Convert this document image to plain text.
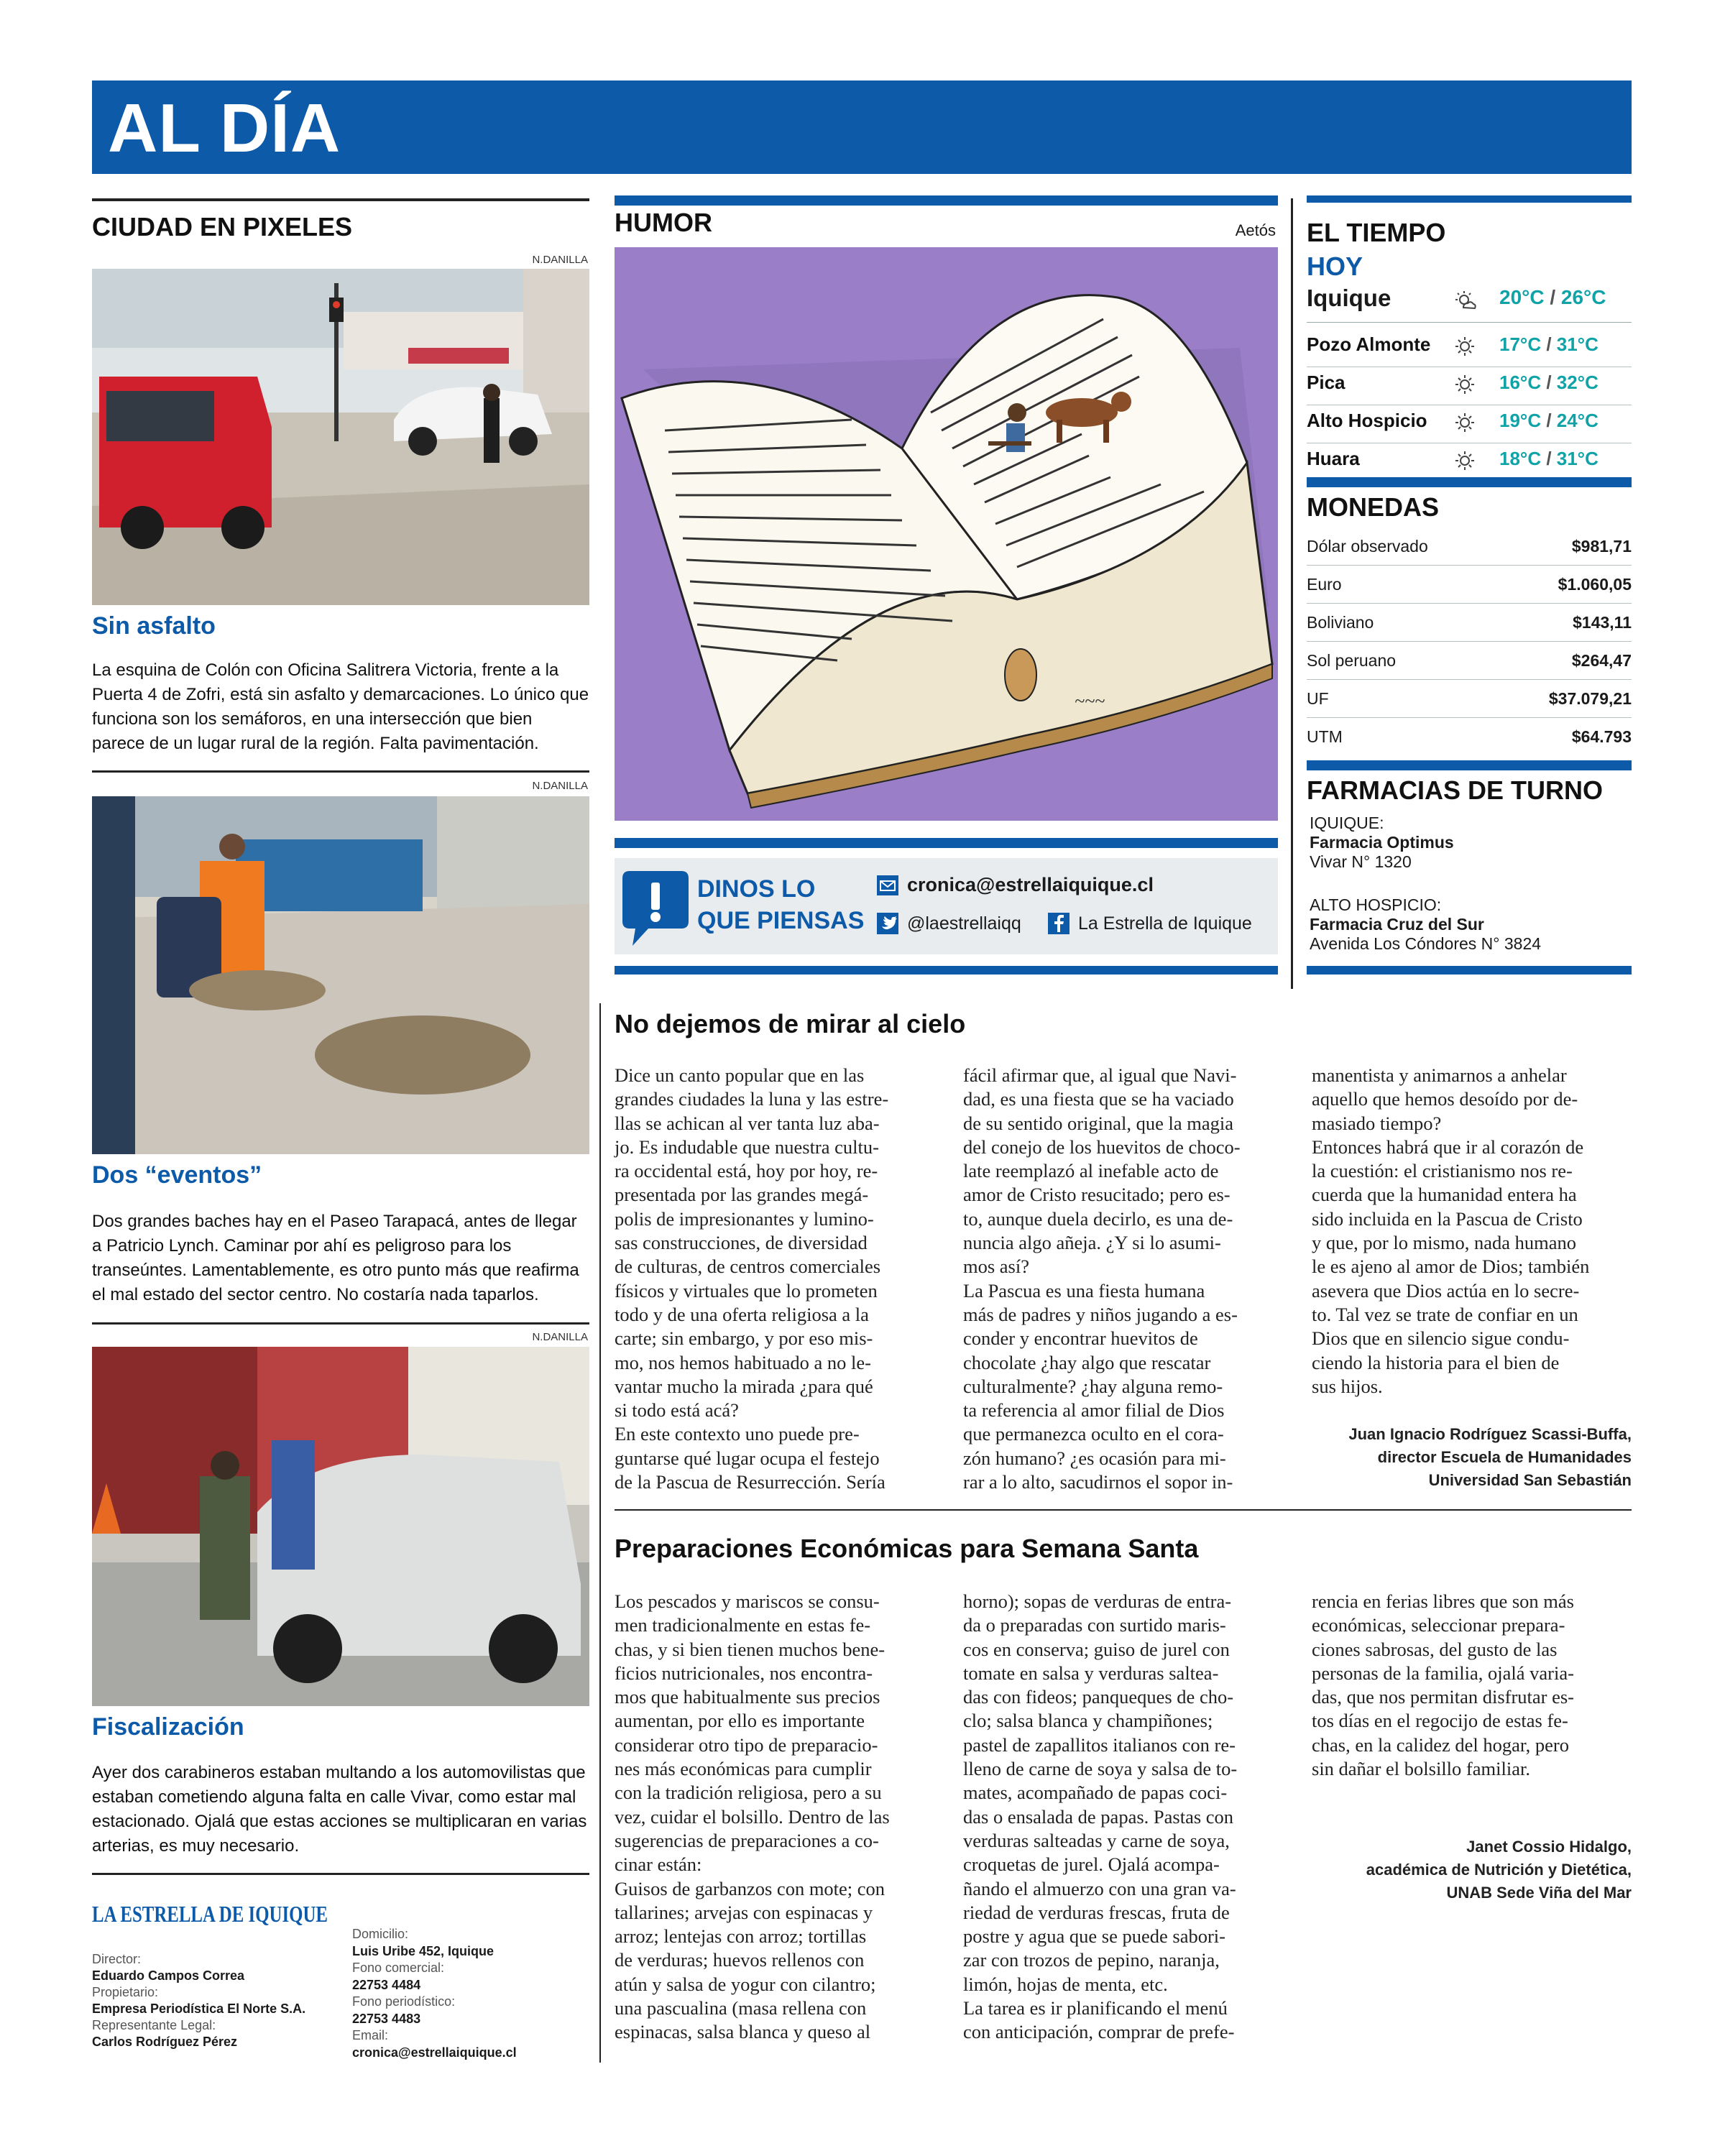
AL DÍA
CIUDAD EN PIXELES
N.DANILLA
Sin asfalto
La esquina de Colón con Oficina Salitrera Victoria, frente a la Puerta 4 de Zofri, está sin asfalto y demarcaciones. Lo único que funciona son los semáforos, en una intersección que bien parece de un lugar rural de la región. Falta pavimentación.
N.DANILLA
Dos “eventos”
Dos grandes baches hay en el Paseo Tarapacá, antes de llegar a Patricio Lynch. Caminar por ahí es peligroso para los transeúntes. Lamentablemente, es otro punto más que reafirma el mal estado del sector centro. No costaría nada taparlos.
N.DANILLA
Fiscalización
Ayer dos carabineros estaban multando a los automovilistas que estaban cometiendo alguna falta en calle Vivar, como estar mal estacionado. Ojalá que estas acciones se multiplicaran en varias arterias, es muy necesario.
LA ESTRELLA DE IQUIQUE
Director:
Eduardo Campos Correa
Propietario:
Empresa Periodística El Norte S.A.
Representante Legal:
Carlos Rodríguez Pérez
Domicilio:
Luis Uribe 452, Iquique
Fono comercial:
22753 4484
Fono periodístico:
22753 4483
Email:
cronica@estrellaiquique.cl
HUMOR	Aetós
~~~
DINOS LO
QUE PIENSAS
cronica@estrellaiquique.cl
@laestrellaiqq	La Estrella de Iquique
EL TIEMPO
HOY
Iquique	20°C / 26°C
Pozo Almonte	17°C / 31°C
Pica	16°C / 32°C
Alto Hospicio	19°C / 24°C
Huara	18°C / 31°C
MONEDAS
Dólar observado	$981,71
Euro	$1.060,05
Boliviano	$143,11
Sol peruano	$264,47
UF	$37.079,21
UTM	$64.793
FARMACIAS DE TURNO
IQUIQUE:
Farmacia Optimus
Vivar N° 1320
ALTO HOSPICIO:
Farmacia Cruz del Sur
Avenida Los Cóndores N° 3824
No dejemos de mirar al cielo
Dice un canto popular que en las
grandes ciudades la luna y las estre-
llas se achican al ver tanta luz aba-
jo. Es indudable que nuestra cultu-
ra occidental está, hoy por hoy, re-
presentada por las grandes megá-
polis de impresionantes y lumino-
sas construcciones, de diversidad
de culturas, de centros comerciales
físicos y virtuales que lo prometen
todo y de una oferta religiosa a la
carte; sin embargo, y por eso mis-
mo, nos hemos habituado a no le-
vantar mucho la mirada ¿para qué
si todo está acá?
En este contexto uno puede pre-
guntarse qué lugar ocupa el festejo
de la Pascua de Resurrección. Sería
fácil afirmar que, al igual que Navi-
dad, es una fiesta que se ha vaciado
de su sentido original, que la magia
del conejo de los huevitos de choco-
late reemplazó al inefable acto de
amor de Cristo resucitado; pero es-
to, aunque duela decirlo, es una de-
nuncia algo añeja. ¿Y si lo asumi-
mos así?
La Pascua es una fiesta humana
más de padres y niños jugando a es-
conder y encontrar huevitos de
chocolate ¿hay algo que rescatar
culturalmente? ¿hay alguna remo-
ta referencia al amor filial de Dios
que permanezca oculto en el cora-
zón humano? ¿es ocasión para mi-
rar a lo alto, sacudirnos el sopor in-
manentista y animarnos a anhelar
aquello que hemos desoído por de-
masiado tiempo?
Entonces habrá que ir al corazón de
la cuestión: el cristianismo nos re-
cuerda que la humanidad entera ha
sido incluida en la Pascua de Cristo
y que, por lo mismo, nada humano
le es ajeno al amor de Dios; también
asevera que Dios actúa en lo secre-
to. Tal vez se trate de confiar en un
Dios que en silencio sigue condu-
ciendo la historia para el bien de
sus hijos.
Juan Ignacio Rodríguez Scassi-Buffa,
director Escuela de Humanidades
Universidad San Sebastián
Preparaciones Económicas para Semana Santa
Los pescados y mariscos se consu-
men tradicionalmente en estas fe-
chas, y si bien tienen muchos bene-
ficios nutricionales, nos encontra-
mos que habitualmente sus precios
aumentan, por ello es importante
considerar otro tipo de preparacio-
nes más económicas para cumplir
con la tradición religiosa, pero a su
vez, cuidar el bolsillo. Dentro de las
sugerencias de preparaciones a co-
cinar están:
Guisos de garbanzos con mote; con
tallarines; arvejas con espinacas y
arroz; lentejas con arroz; tortillas
de verduras; huevos rellenos con
atún y salsa de yogur con cilantro;
una pascualina (masa rellena con
espinacas, salsa blanca y queso al
horno); sopas de verduras de entra-
da o preparadas con surtido maris-
cos en conserva; guiso de jurel con
tomate en salsa y verduras saltea-
das con fideos; panqueques de cho-
clo; salsa blanca y champiñones;
pastel de zapallitos italianos con re-
lleno de carne de soya y salsa de to-
mates, acompañado de papas coci-
das o ensalada de papas. Pastas con
verduras salteadas y carne de soya,
croquetas de jurel. Ojalá acompa-
ñando el almuerzo con una gran va-
riedad de verduras frescas, fruta de
postre y agua que se puede sabori-
zar con trozos de pepino, naranja,
limón, hojas de menta, etc.
La tarea es ir planificando el menú
con anticipación, comprar de prefe-
rencia en ferias libres que son más
económicas, seleccionar prepara-
ciones sabrosas, del gusto de las
personas de la familia, ojalá varia-
das, que nos permitan disfrutar es-
tos días en el regocijo de estas fe-
chas, en la calidez del hogar, pero
sin dañar el bolsillo familiar.
Janet Cossio Hidalgo,
académica de Nutrición y Dietética,
UNAB Sede Viña del Mar
